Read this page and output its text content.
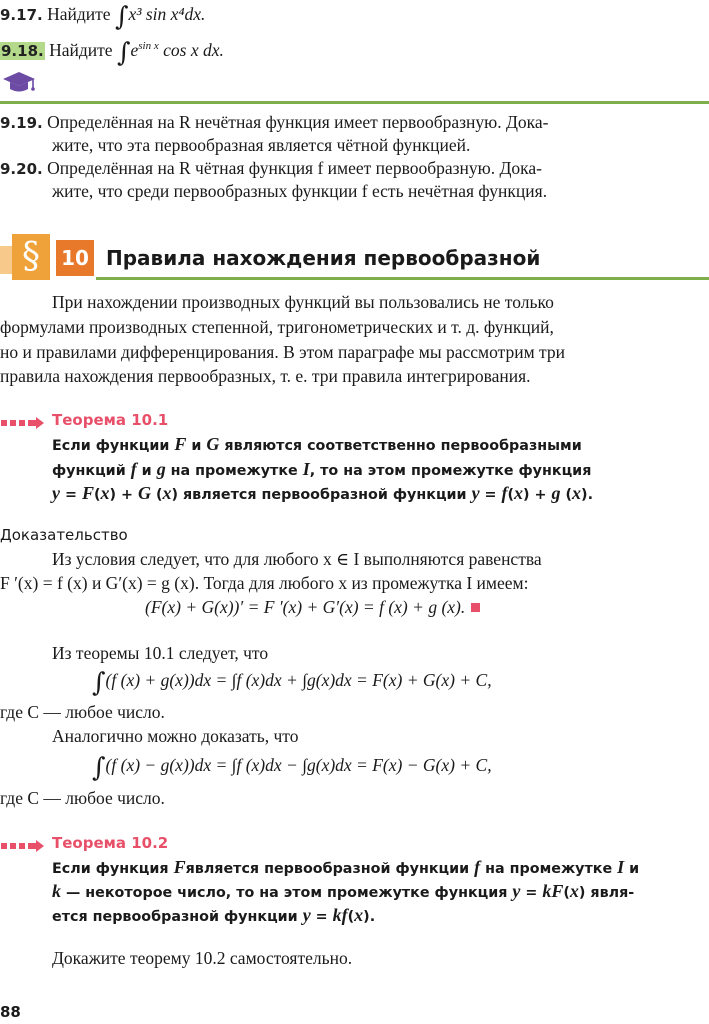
9.17. Найдите ∫x³ sin x⁴dx.
9.18. Найдите $\int e^{sin x}$ cos x dx.
9.19. Определённая на R нечётная функция имеет первообразную. Дока-
жите, что эта первообразная является чётной функцией.
9.20. Определённая на R чётная функция f имеет первообразную. Дока-
жите, что среди первообразных функции f есть нечётная функция.
§	10 Правила нахождения первообразной
При нахождении производных функций вы пользовались не только
формулами производных степенной, тригонометрических и т. д. функций,
но и правилами дифференцирования. В этом параграфе мы рассмотрим три
правила нахождения первообразных, т. е. три правила интегрирования.
Теорема 10.1
Если функции F и G являются соответственно первообразными
функций f и g на промежутке I, то на этом промежутке функция
y = F(x) + G (x) является первообразной функции y = f(x) + g (x).
Доказательство
Из условия следует, что для любого x ∈ I выполняются равенства
F ′(x) = f (x) и G′(x) = g (x). Тогда для любого x из промежутка I имеем:
(F(x) + G(x))′ = F ′(x) + G′(x) = f (x) + g (x).
Из теоремы 10.1 следует, что
∫(f (x) + g(x))dx = ∫f (x)dx + ∫g(x)dx = F(x) + G(x) + C,
где C — любое число.
Аналогично можно доказать, что
∫(f (x) − g(x))dx = ∫f (x)dx − ∫g(x)dx = F(x) − G(x) + C,
где C — любое число.
Теорема 10.2
Если функция Fявляется первообразной функции f на промежутке I и
k — некоторое число, то на этом промежутке функция y = kF(x) явля-
ется первообразной функции y = kf(x).
Докажите теорему 10.2 самостоятельно.
88
